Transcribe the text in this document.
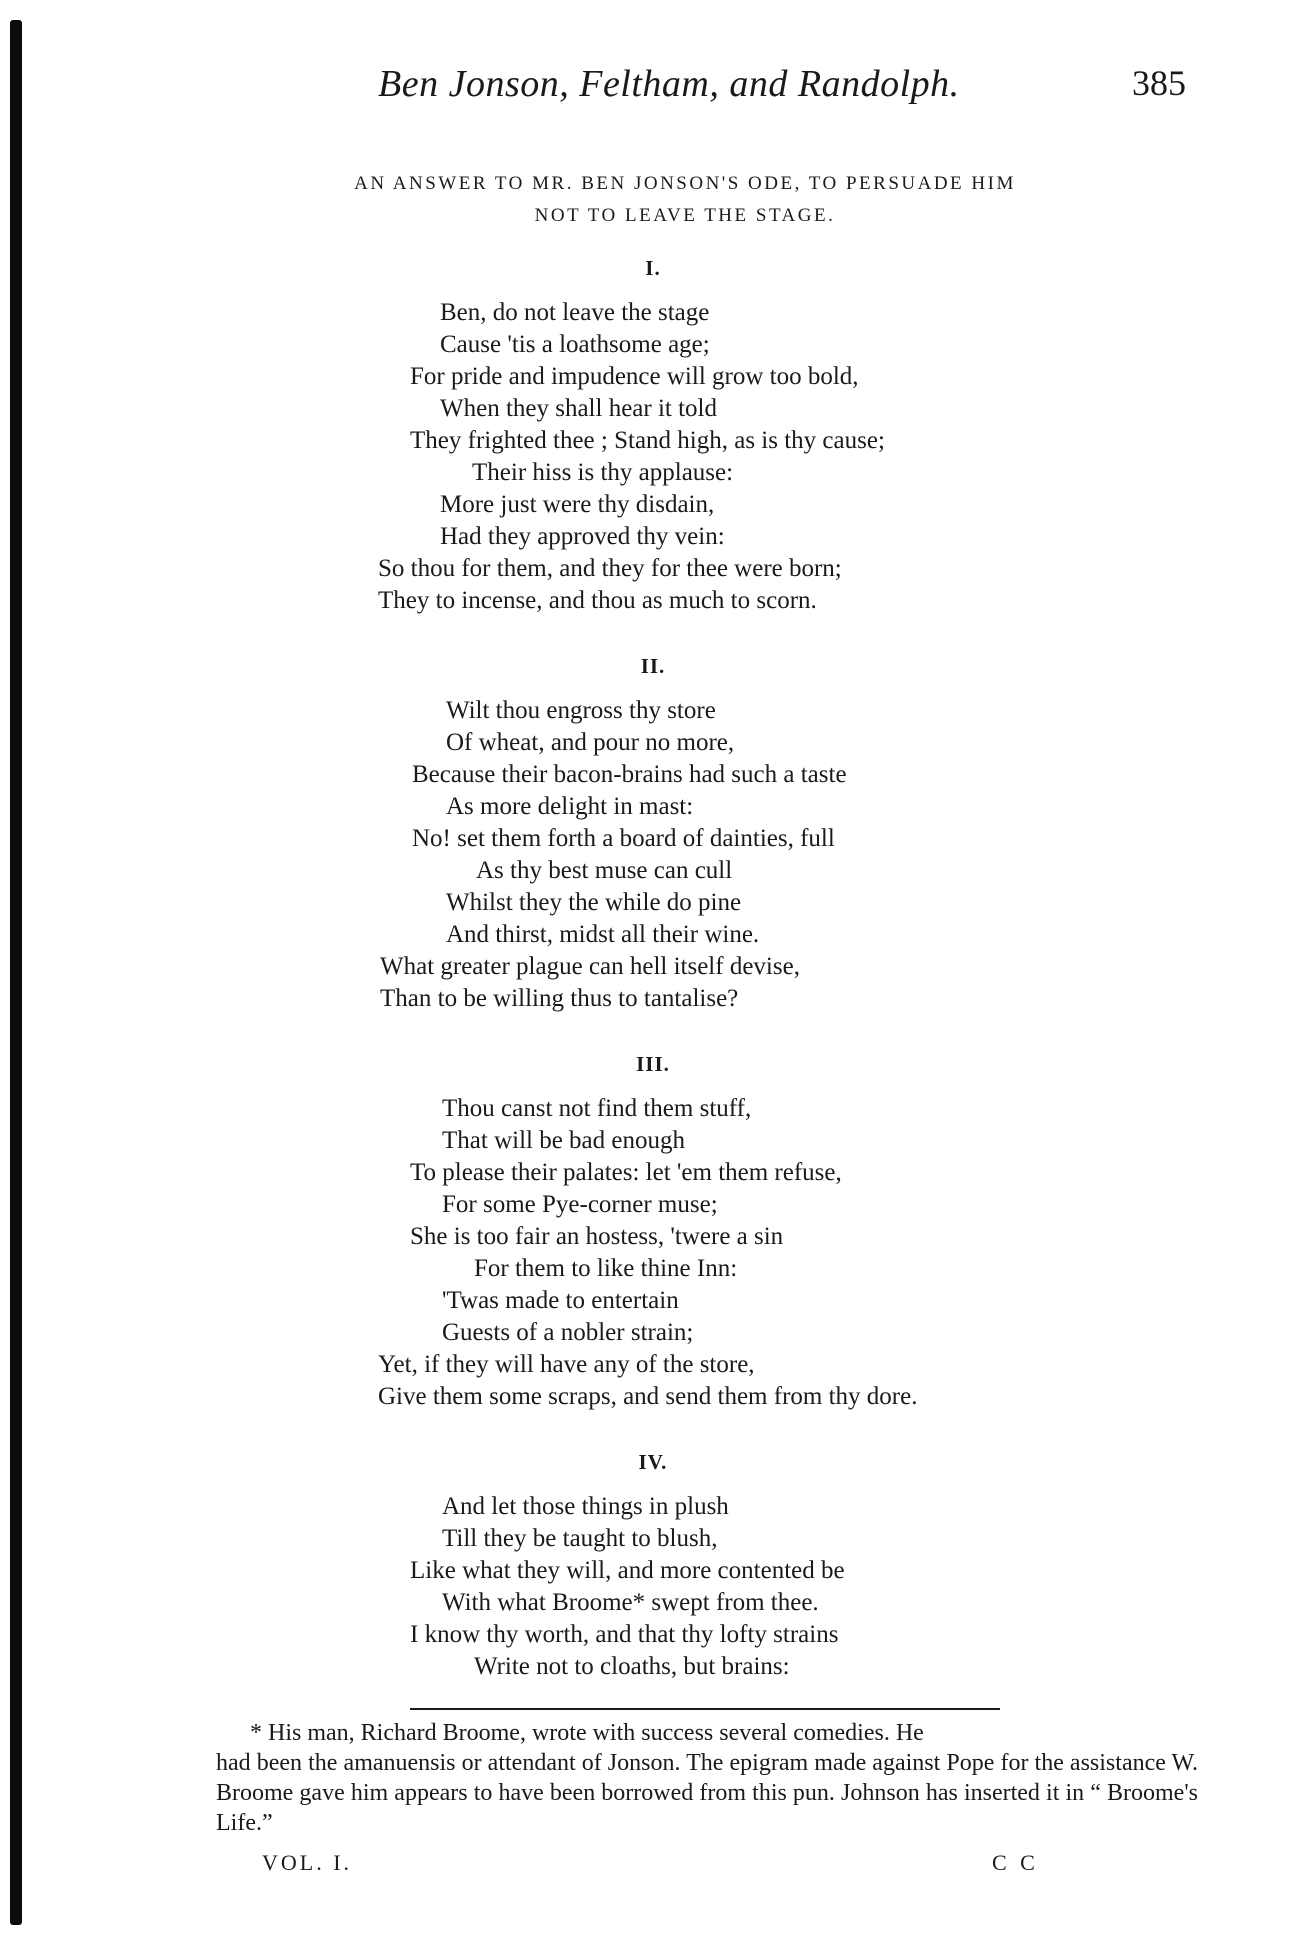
Ben Jonson, Feltham, and Randolph.	385
AN ANSWER TO MR. BEN JONSON'S ODE, TO PERSUADE HIM
NOT TO LEAVE THE STAGE.
I.
Ben, do not leave the stage
Cause 'tis a loathsome age;
For pride and impudence will grow too bold,
When they shall hear it told
They frighted thee ; Stand high, as is thy cause;
Their hiss is thy applause:
More just were thy disdain,
Had they approved thy vein:
So thou for them, and they for thee were born;
They to incense, and thou as much to scorn.
II.
Wilt thou engross thy store
Of wheat, and pour no more,
Because their bacon-brains had such a taste
As more delight in mast:
No! set them forth a board of dainties, full
As thy best muse can cull
Whilst they the while do pine
And thirst, midst all their wine.
What greater plague can hell itself devise,
Than to be willing thus to tantalise?
III.
Thou canst not find them stuff,
That will be bad enough
To please their palates: let 'em them refuse,
For some Pye-corner muse;
She is too fair an hostess, 'twere a sin
For them to like thine Inn:
'Twas made to entertain
Guests of a nobler strain;
Yet, if they will have any of the store,
Give them some scraps, and send them from thy dore.
IV.
And let those things in plush
Till they be taught to blush,
Like what they will, and more contented be
With what Broome* swept from thee.
I know thy worth, and that thy lofty strains
Write not to cloaths, but brains:
* His man, Richard Broome, wrote with success several comedies. He
had been the amanuensis or attendant of Jonson. The epigram made against Pope for the assistance W. Broome gave him appears to have been borrowed from this pun. Johnson has inserted it in “ Broome's Life.”
VOL. I.	C C
